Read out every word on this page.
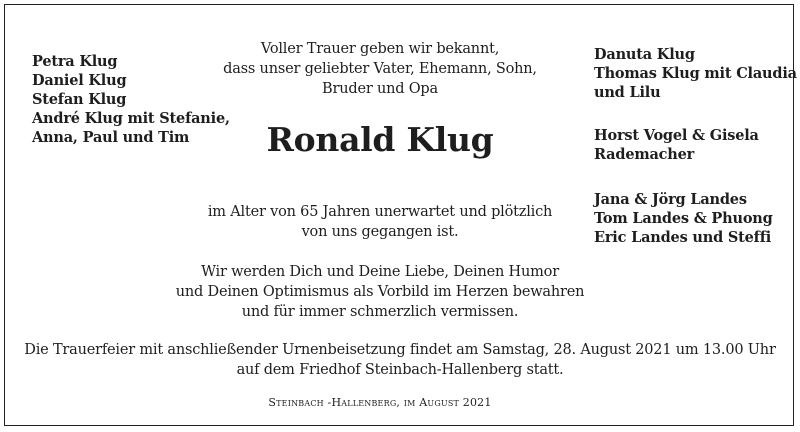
Petra Klug
Daniel Klug
Stefan Klug
André Klug mit Stefanie,
Anna, Paul und Tim
Voller Trauer geben wir bekannt,
dass unser geliebter Vater, Ehemann, Sohn,
Bruder und Opa
Ronald Klug
Danuta Klug
Thomas Klug mit Claudia
und Lilu
Horst Vogel & Gisela
Rademacher
Jana & Jörg Landes
Tom Landes & Phuong
Eric Landes und Steffi
im Alter von 65 Jahren unerwartet und plötzlich
von uns gegangen ist.
Wir werden Dich und Deine Liebe, Deinen Humor
und Deinen Optimismus als Vorbild im Herzen bewahren
und für immer schmerzlich vermissen.
Die Trauerfeier mit anschließender Urnenbeisetzung findet am Samstag, 28. August 2021 um 13.00 Uhr
auf dem Friedhof Steinbach-Hallenberg statt.
Steinbach -Hallenberg, im August 2021
